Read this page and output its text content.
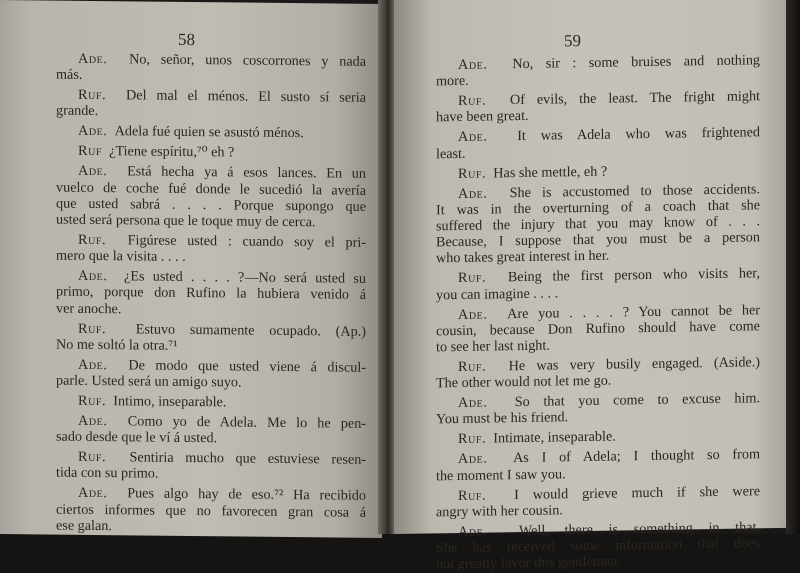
58

Ade. No, señor, unos coscorrones y nada

más.

Ruf. Del mal el ménos. El susto sí seria

grande.

Ade. Adela fué quien se asustó ménos.

Ruf ¿Tiene espíritu,⁷⁰ eh ?

Ade. Está hecha ya á esos lances. En un

vuelco de coche fué donde le sucedió la avería

que usted sabrá . . . . Porque supongo que

usted será persona que le toque muy de cerca.

Ruf. Figúrese usted : cuando soy el pri-

mero que la visita . . . .

Ade. ¿Es usted . . . . ?—No será usted su

primo, porque don Rufino la hubiera venido á

ver anoche.

Ruf. Estuvo sumamente ocupado. (Ap.)

No me soltó la otra.⁷¹

Ade. De modo que usted viene á discul-

parle. Usted será un amigo suyo.

Ruf. Intimo, inseparable.

Ade. Como yo de Adela. Me lo he pen-

sado desde que le ví á usted.

Ruf. Sentiria mucho que estuviese resen-

tida con su primo.

Ade. Pues algo hay de eso.⁷² Ha recibido

ciertos informes que no favorecen gran cosa á

ese galan.

59

Ade. No, sir : some bruises and nothing

more.

Ruf. Of evils, the least. The fright might

have been great.

Ade. It was Adela who was frightened

least.

Ruf. Has she mettle, eh ?

Ade. She is accustomed to those accidents.

It was in the overturning of a coach that she

suffered the injury that you may know of . . .

Because, I suppose that you must be a person

who takes great interest in her.

Ruf. Being the first person who visits her,

you can imagine . . . .

Ade. Are you . . . . ? You cannot be her

cousin, because Don Rufino should have come

to see her last night.

Ruf. He was very busily engaged. (Aside.)

The other would not let me go.

Ade. So that you come to excuse him.

You must be his friend.

Ruf. Intimate, inseparable.

Ade. As I of Adela; I thought so from

the moment I saw you.

Ruf. I would grieve much if she were

angry with her cousin.

Ade. Well, there is something in that.

She has received some information that does

not greatly favor this gentleman.
